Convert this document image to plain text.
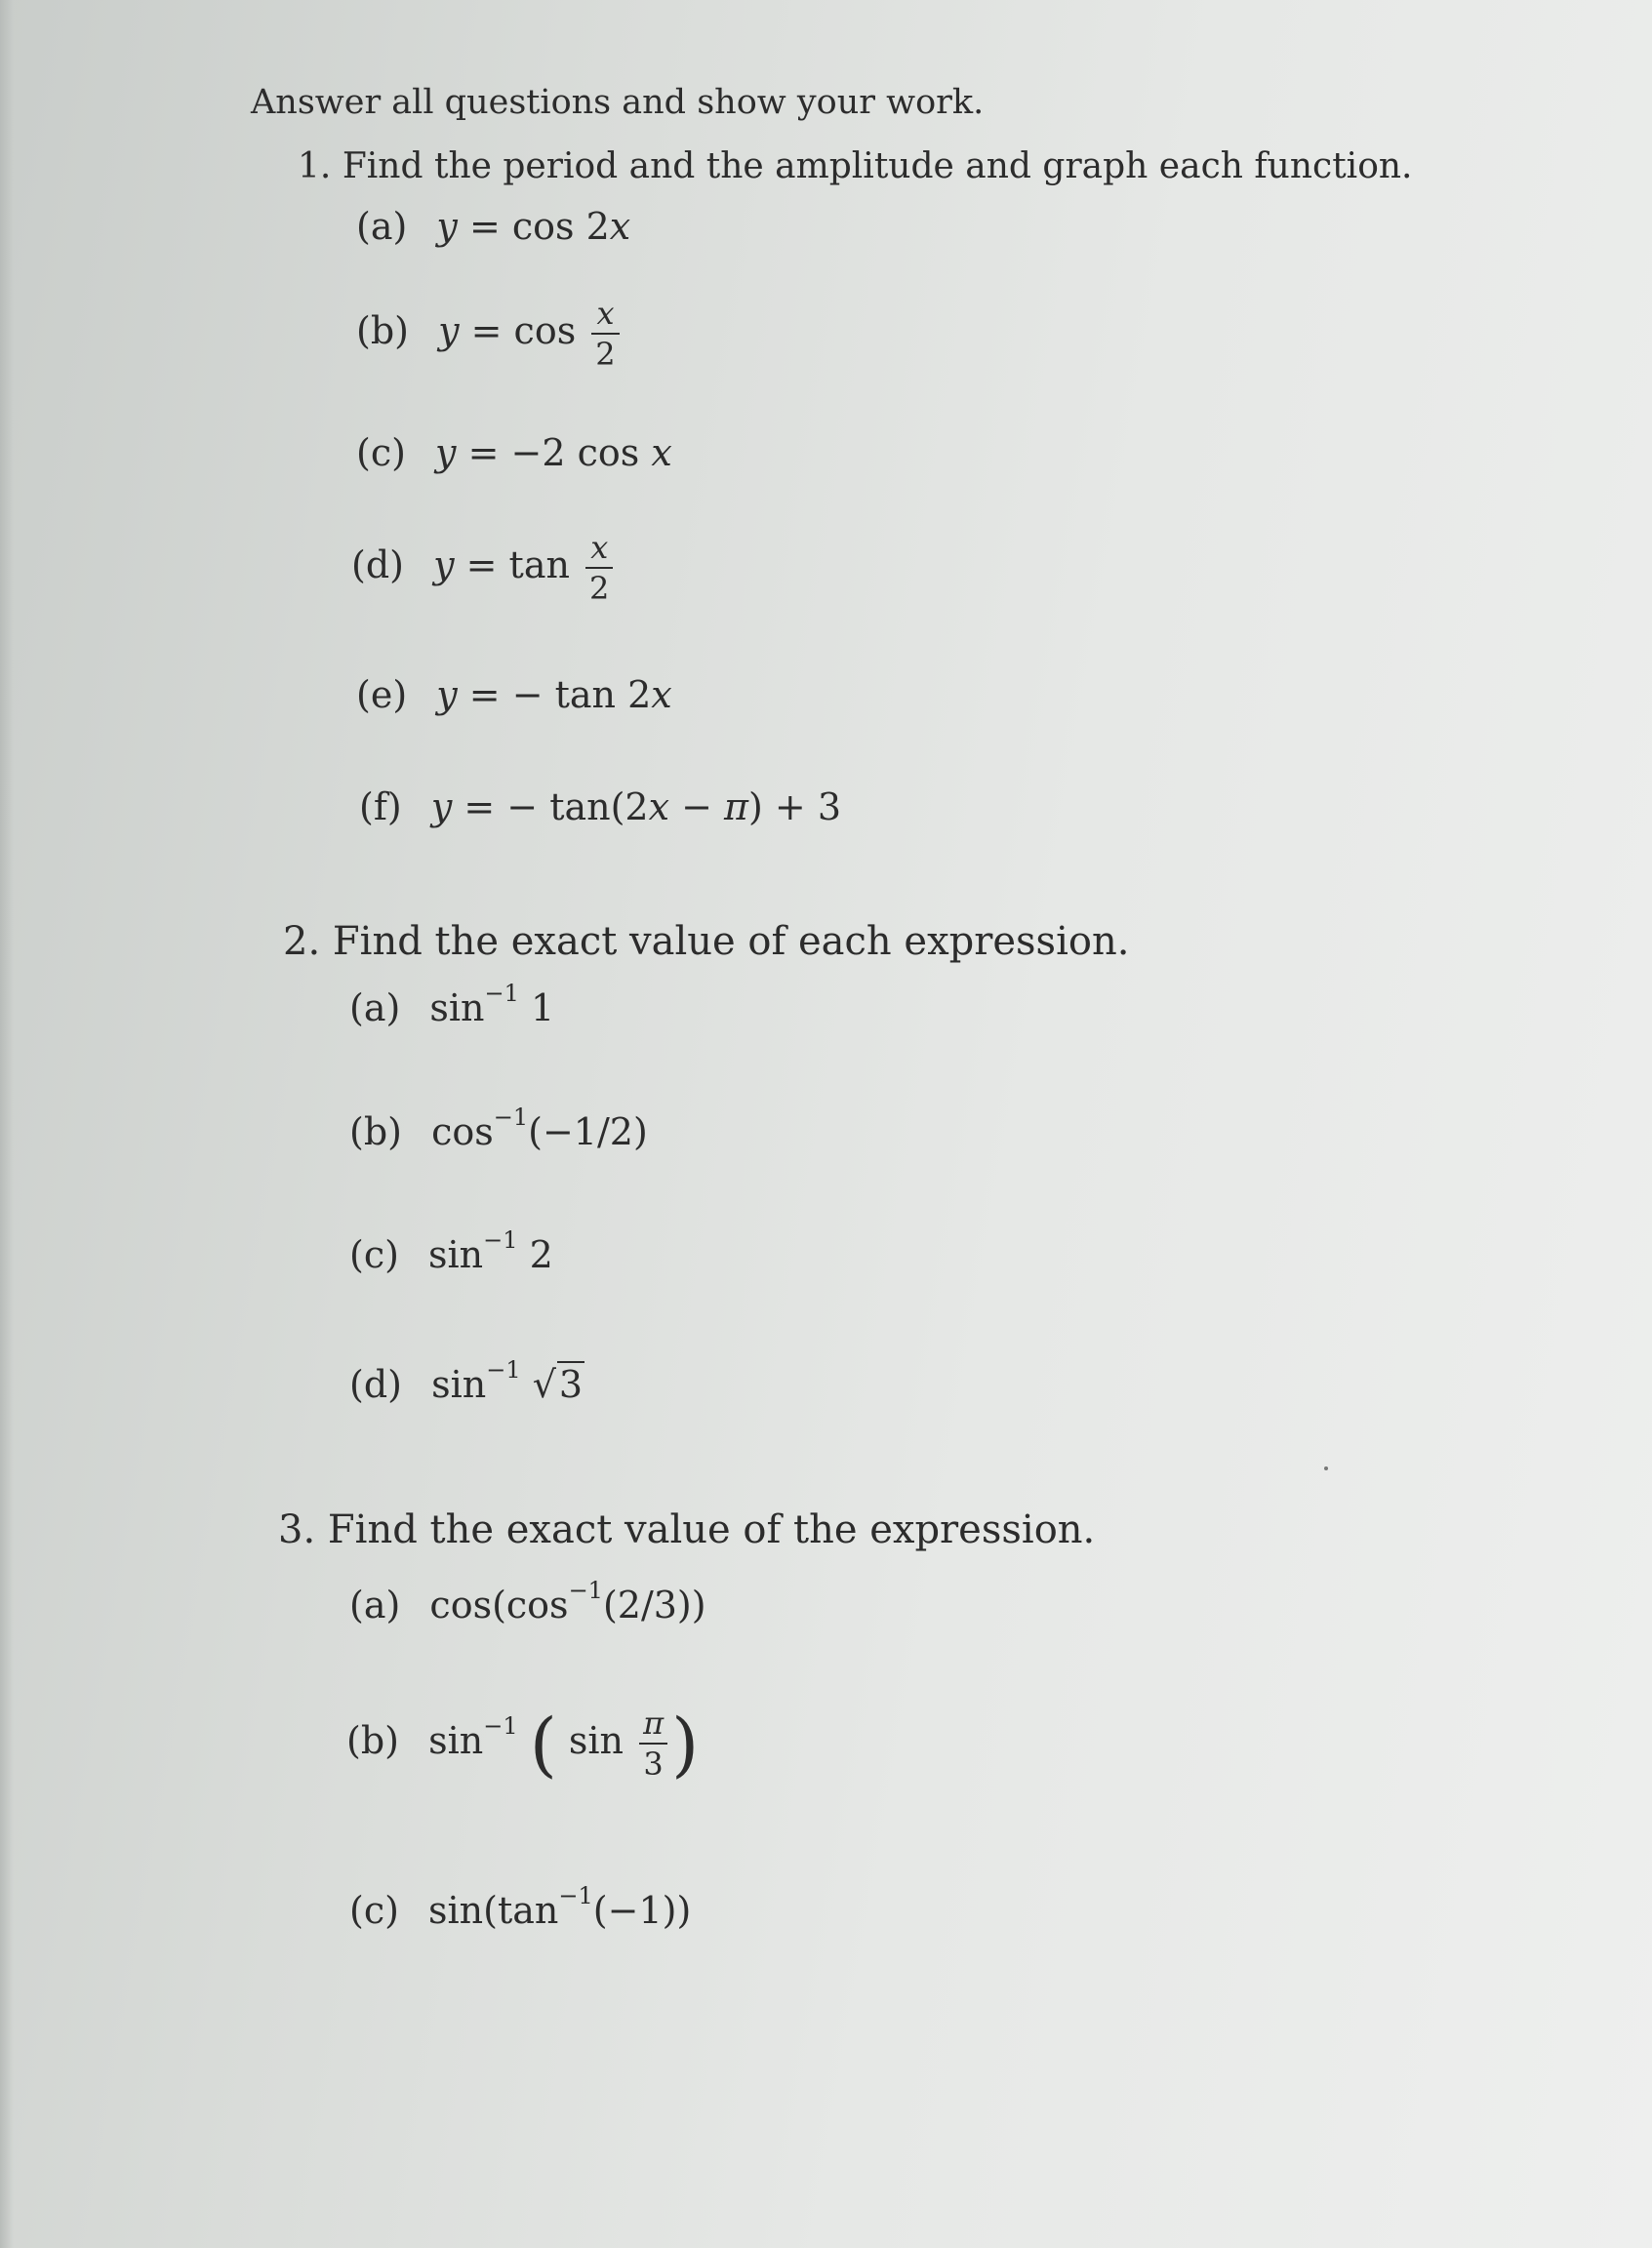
Answer all questions and show your work.
1. Find the period and the amplitude and graph each function.
(a) y = cos 2x
(b) $y = \cos \frac{x}{2}$
(c) y = −2 cos x
(d) $y = \tan \frac{x}{2}$
(e) y = − tan 2x
(f) y = − tan(2x − π) + 3
2. Find the exact value of each expression.
(a) $\sin^{-1} 1$
(b) $\cos^{-1}(-1/2)$
(c) $\sin^{-1} 2$
(d) $\sin^{-1} √3$
3. Find the exact value of the expression.
(a) $\cos(\cos^{-1}(2/3))$
(b) $\sin^{-1}$ ( $\sin \frac{\pi}{3}$ )
(c) $\sin(\tan^{-1}(-1))$
